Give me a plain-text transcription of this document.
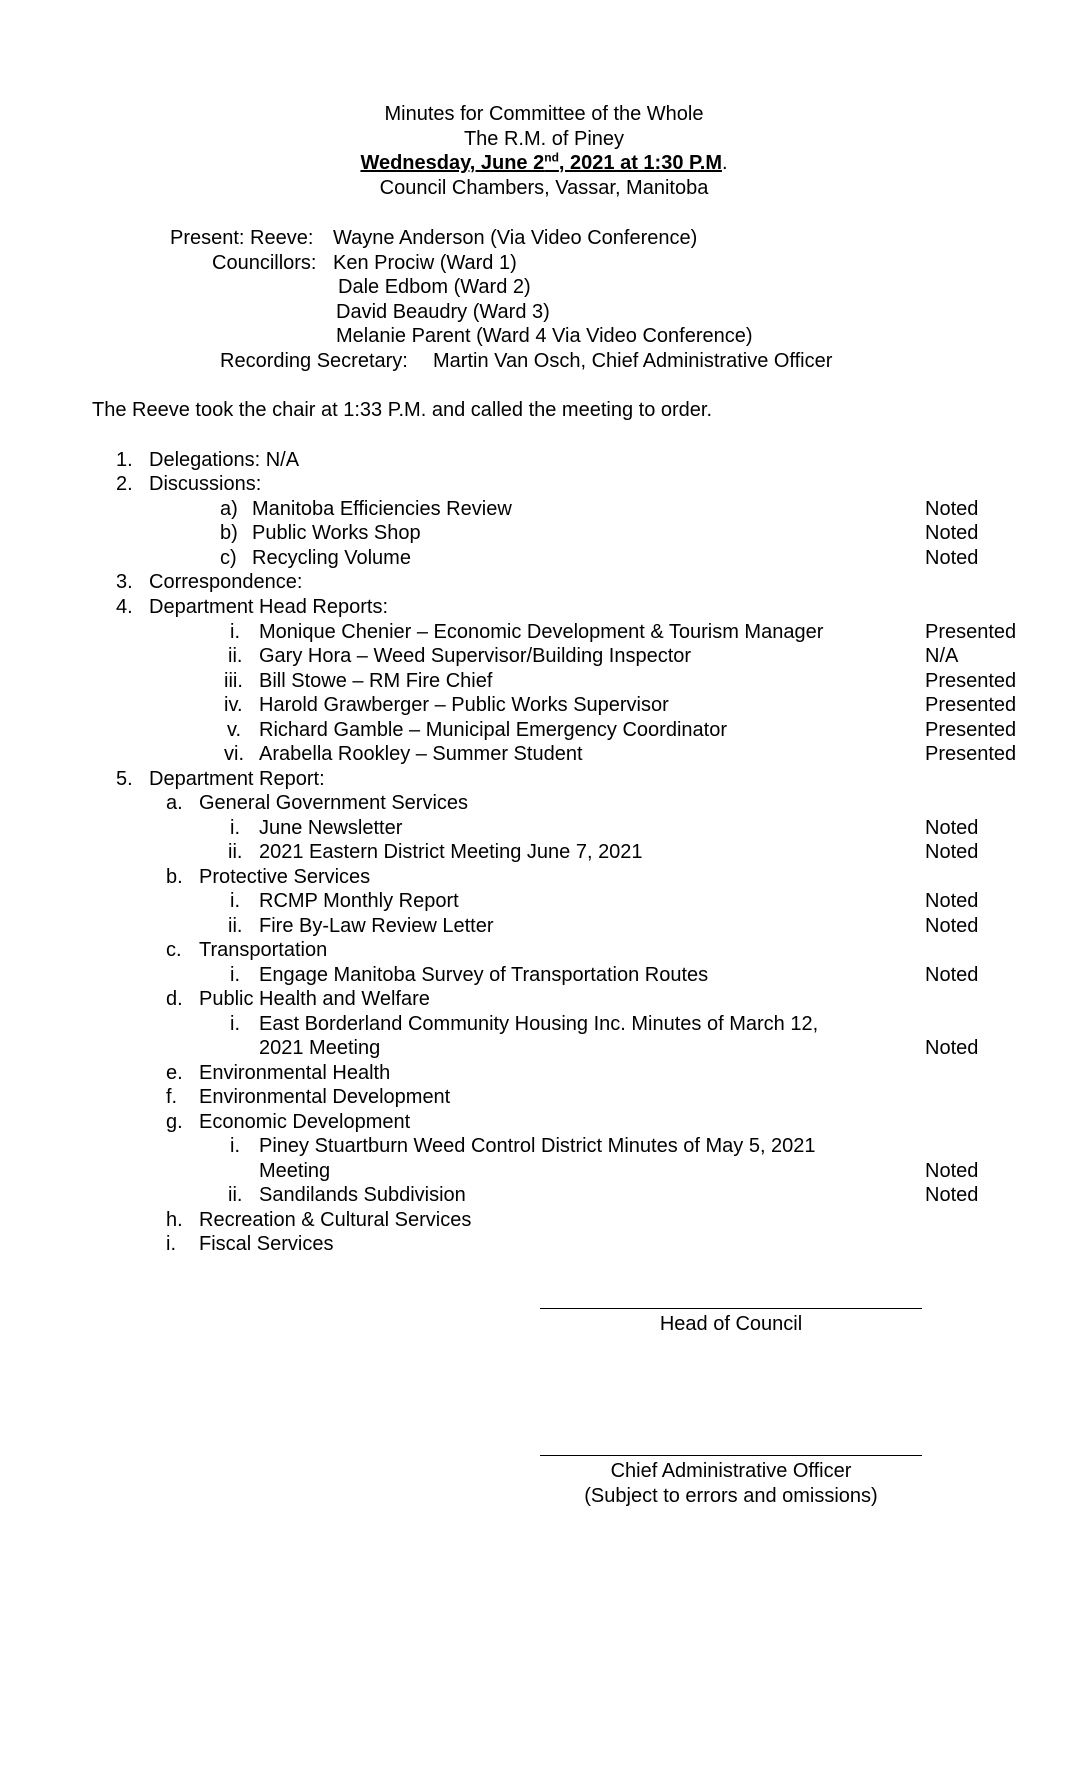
Minutes for Committee of the Whole
The R.M. of Piney
Wednesday, June 2nd, 2021 at 1:30 P.M.
Council Chambers, Vassar, Manitoba
Present: Reeve: Wayne Anderson (Via Video Conference)
Councillors: Ken Prociw (Ward 1)
Dale Edbom (Ward 2)
David Beaudry (Ward 3)
Melanie Parent (Ward 4 Via Video Conference)
Recording Secretary: Martin Van Osch, Chief Administrative Officer
The Reeve took the chair at 1:33 P.M. and called the meeting to order.
1. Delegations: N/A
2. Discussions:
a) Manitoba Efficiencies Review	Noted
b) Public Works Shop	Noted
c) Recycling Volume	Noted
3. Correspondence:
4. Department Head Reports:
i. Monique Chenier – Economic Development & Tourism Manager	Presented
ii. Gary Hora – Weed Supervisor/Building Inspector	N/A
iii. Bill Stowe – RM Fire Chief	Presented
iv. Harold Grawberger – Public Works Supervisor	Presented
v. Richard Gamble – Municipal Emergency Coordinator	Presented
vi. Arabella Rookley – Summer Student	Presented
5. Department Report:
a. General Government Services
i. June Newsletter	Noted
ii. 2021 Eastern District Meeting June 7, 2021	Noted
b. Protective Services
i. RCMP Monthly Report	Noted
ii. Fire By-Law Review Letter	Noted
c. Transportation
i. Engage Manitoba Survey of Transportation Routes	Noted
d. Public Health and Welfare
i. East Borderland Community Housing Inc. Minutes of March 12,
2021 Meeting	Noted
e. Environmental Health
f. Environmental Development
g. Economic Development
i. Piney Stuartburn Weed Control District Minutes of May 5, 2021
Meeting	Noted
ii. Sandilands Subdivision	Noted
h. Recreation & Cultural Services
i. Fiscal Services
Head of Council
Chief Administrative Officer
(Subject to errors and omissions)
